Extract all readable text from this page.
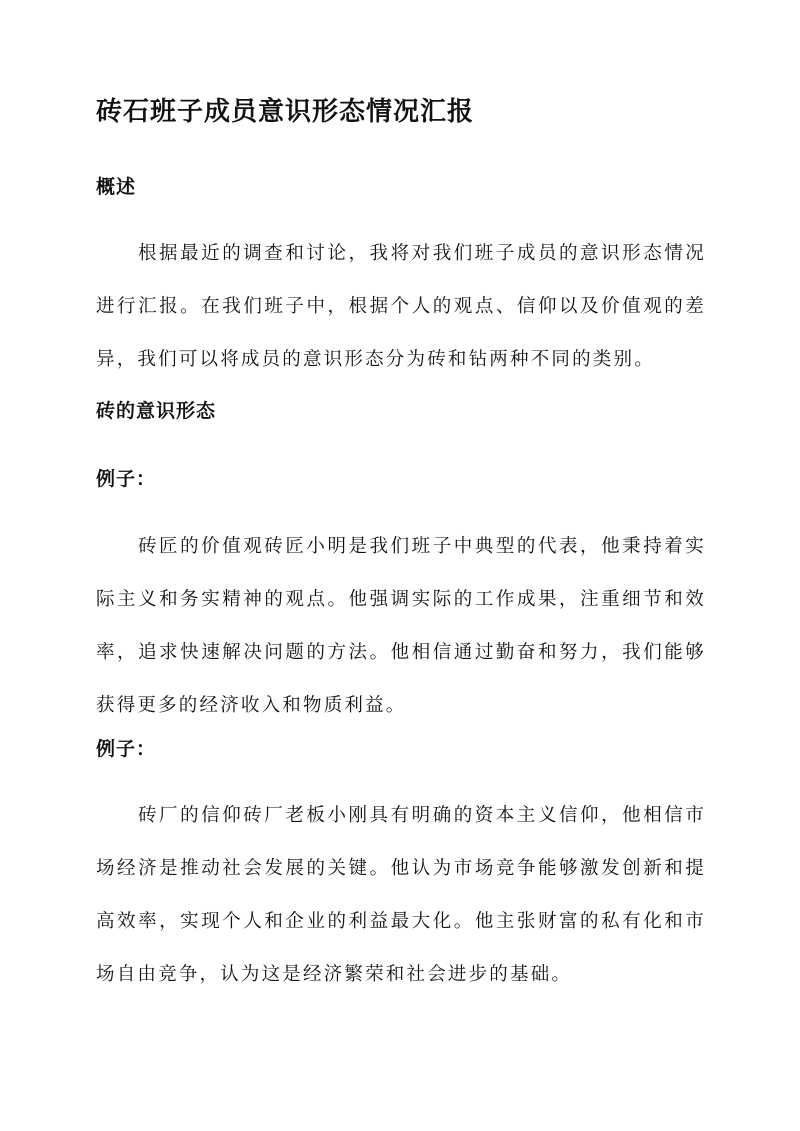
砖石班子成员意识形态情况汇报
概述

根据最近的调查和讨论，我将对我们班子成员的意识形态情况进行汇报。在我们班子中，根据个人的观点、信仰以及价值观的差异，我们可以将成员的意识形态分为砖和钻两种不同的类别。

砖的意识形态
例子：

砖匠的价值观砖匠小明是我们班子中典型的代表，他秉持着实际主义和务实精神的观点。他强调实际的工作成果，注重细节和效率，追求快速解决问题的方法。他相信通过勤奋和努力，我们能够获得更多的经济收入和物质利益。

例子：

砖厂的信仰砖厂老板小刚具有明确的资本主义信仰，他相信市场经济是推动社会发展的关键。他认为市场竞争能够激发创新和提高效率，实现个人和企业的利益最大化。他主张财富的私有化和市场自由竞争，认为这是经济繁荣和社会进步的基础。
